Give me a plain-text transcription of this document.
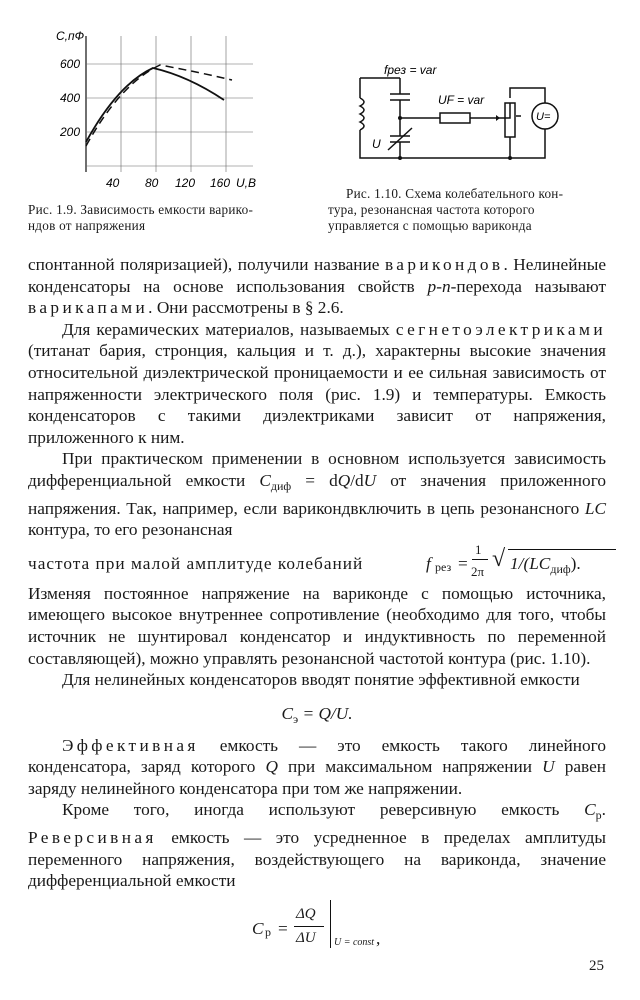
C,пФ
600
400
200
40 80 120 160 U,B

Рис. 1.9. Зависимость емкости варико-

ндов от напряжения

fрез = var
UF = var
U
U=

Рис. 1.10. Схема колебательного кон-

тура, резонансная частота которого

управляется с помощью вариконда

спонтанной поляризацией), получили название варикондов. Нелинейные конденсаторы на основе использования свойств p-n-перехода называют варикапами. Они рассмотрены в § 2.6.

Для керамических материалов, называемых сегнетоэлектриками (титанат бария, стронция, кальция и т. д.), характерны высокие значения относительной диэлектрической проницаемости и ее сильная зависимость от напряженности электрического поля (рис. 1.9) и температуры. Емкость конденсаторов с такими диэлектриками зависит от напряжения, приложенного к ним.

При практическом применении в основном используется зависимость дифференциальной емкости $C_{диф} = dQ/dU$ от значения приложенного напряжения. Так, например, если варикондвключить в цепь резонансного LC контура, то его резонансная

частота при малой амплитуде колебаний	f рез =
1
2π √ $1/(LC_{диф})$.

Изменяя постоянное напряжение на варикондe с помощью источника, имеющего высокое внутреннее сопротивление (необходимо для того, чтобы источник не шунтировал конденсатор и индуктивность по переменной составляющей), можно управлять резонансной частотой контура (рис. 1.10).

Для нелинейных конденсаторов вводят понятие эффективной емкости

$C_э = Q/U$.

Эффективная емкость — это емкость такого линейного конденсатора, заряд которого Q при максимальном напряжении U равен заряду нелинейного конденсатора при том же напряжении.

Кроме того, иногда используют реверсивную емкость $C_р$. Реверсивная емкость — это усредненное в пределах амплитуды переменного напряжения, воздействующего на варикондa, значение дифференциальной емкости

C р =
ΔQ
ΔU U = const ,
25
